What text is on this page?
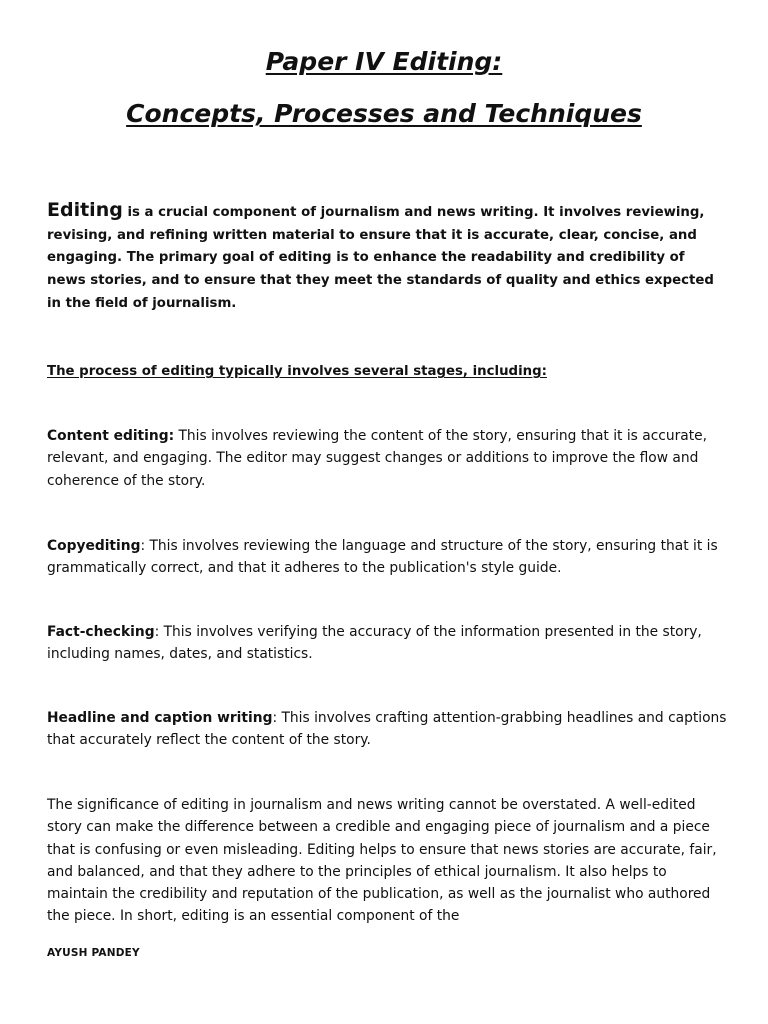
Paper IV Editing:
Concepts, Processes and Techniques
Editing is a crucial component of journalism and news writing. It involves reviewing, revising, and refining written material to ensure that it is accurate, clear, concise, and engaging. The primary goal of editing is to enhance the readability and credibility of news stories, and to ensure that they meet the standards of quality and ethics expected in the field of journalism.
The process of editing typically involves several stages, including:
Content editing: This involves reviewing the content of the story, ensuring that it is accurate, relevant, and engaging. The editor may suggest changes or additions to improve the flow and coherence of the story.
Copyediting: This involves reviewing the language and structure of the story, ensuring that it is grammatically correct, and that it adheres to the publication's style guide.
Fact-checking: This involves verifying the accuracy of the information presented in the story, including names, dates, and statistics.
Headline and caption writing: This involves crafting attention-grabbing headlines and captions that accurately reflect the content of the story.
The significance of editing in journalism and news writing cannot be overstated. A well-edited story can make the difference between a credible and engaging piece of journalism and a piece that is confusing or even misleading. Editing helps to ensure that news stories are accurate, fair, and balanced, and that they adhere to the principles of ethical journalism. It also helps to maintain the credibility and reputation of the publication, as well as the journalist who authored the piece. In short, editing is an essential component of the
AYUSH PANDEY
